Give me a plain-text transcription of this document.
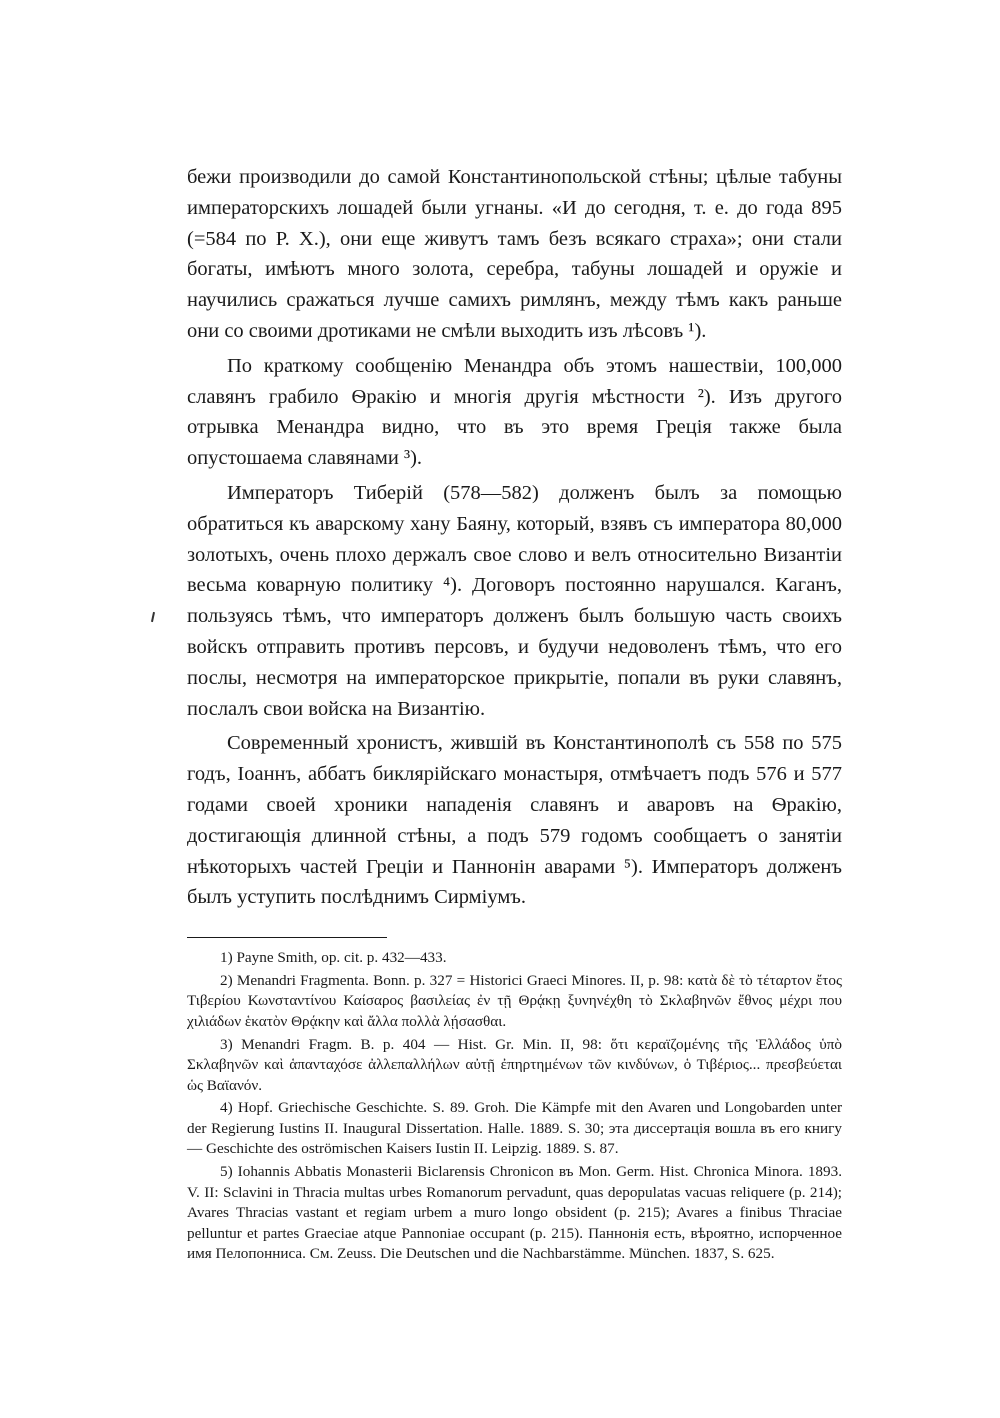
бежи производили до самой Константинопольской стѣны; цѣлые табуны императорскихъ лошадей были угнаны. «И до сегодня, т. е. до года 895 (=584 по Р. Х.), они еще живутъ тамъ безъ всякаго страха»; они стали богаты, имѣютъ много золота, серебра, табуны лошадей и оружіе и научились сражаться лучше самихъ римлянъ, между тѣмъ какъ раньше они со своими дротиками не смѣли выходить изъ лѣсовъ ¹).

По краткому сообщенію Менандра объ этомъ нашествіи, 100,000 славянъ грабило Ѳракію и многія другія мѣстности ²). Изъ другого отрывка Менандра видно, что въ это время Греція также была опустошаема славянами ³).

Императоръ Тиберій (578—582) долженъ былъ за помощью обратиться къ аварскому хану Баяну, который, взявъ съ императора 80,000 золотыхъ, очень плохо держалъ свое слово и велъ относительно Византіи весьма коварную политику ⁴). Договоръ постоянно нарушался. Каганъ, пользуясь тѣмъ, что императоръ долженъ былъ большую часть своихъ войскъ отправить противъ персовъ, и будучи недоволенъ тѣмъ, что его послы, несмотря на императорское прикрытіе, попали въ руки славянъ, послалъ свои войска на Византію.

Современный хронистъ, жившій въ Константинополѣ съ 558 по 575 годъ, Іоаннъ, аббатъ биклярійскаго монастыря, отмѣчаетъ подъ 576 и 577 годами своей хроники нападенія славянъ и аваровъ на Ѳракію, достигающія длинной стѣны, а подъ 579 годомъ сообщаетъ о занятіи нѣкоторыхъ частей Греціи и Паннонін аварами ⁵). Императоръ долженъ былъ уступить послѣднимъ Сирміумъ.

1) Payne Smith, op. cit. p. 432—433.

2) Menandri Fragmenta. Bonn. p. 327 = Historici Graeci Minores. II, p. 98: κατὰ δὲ τὸ τέταρτον ἔτος Τιβερίου Κωνσταντίνου Καίσαρος βασιλείας ἐν τῇ Θρᾴκῃ ξυνηνέχθη τὸ Σκλαβηνῶν ἔθνος μέχρι που χιλιάδων ἑκατὸν Θρᾴκην καὶ ἄλλα πολλὰ λῄσασθαι.

3) Menandri Fragm. B. p. 404 — Hist. Gr. Min. II, 98: ὅτι κεραϊζομένης τῆς Ἑλλάδος ὑπὸ Σκλαβηνῶν καὶ ἁπανταχόσε ἀλλεπαλλήλων αὐτῇ ἐπηρτημένων τῶν κινδύνων, ὁ Τιβέριος... πρεσβεύεται ὡς Βαϊανόν.

4) Hopf. Griechische Geschichte. S. 89. Groh. Die Kämpfe mit den Avaren und Longobarden unter der Regierung Iustins II. Inaugural Dissertation. Halle. 1889. S. 30; эта диссертація вошла въ его книгу — Geschichte des oströmischen Kaisers Iustin II. Leipzig. 1889. S. 87.

5) Iohannis Abbatis Monasterii Biclarensis Chronicon въ Mon. Germ. Hist. Chronica Minora. 1893. V. II: Sclavini in Thracia multas urbes Romanorum pervadunt, quas depopulatas vacuas reliquere (p. 214); Avares Thracias vastant et regiam urbem a muro longo obsident (p. 215); Avares a finibus Thraciae pelluntur et partes Graeciae atque Pannoniae occupant (p. 215). Паннонія есть, вѣроятно, испорченное имя Пелопонниса. См. Zeuss. Die Deutschen und die Nachbarstämme. München. 1837, S. 625.
